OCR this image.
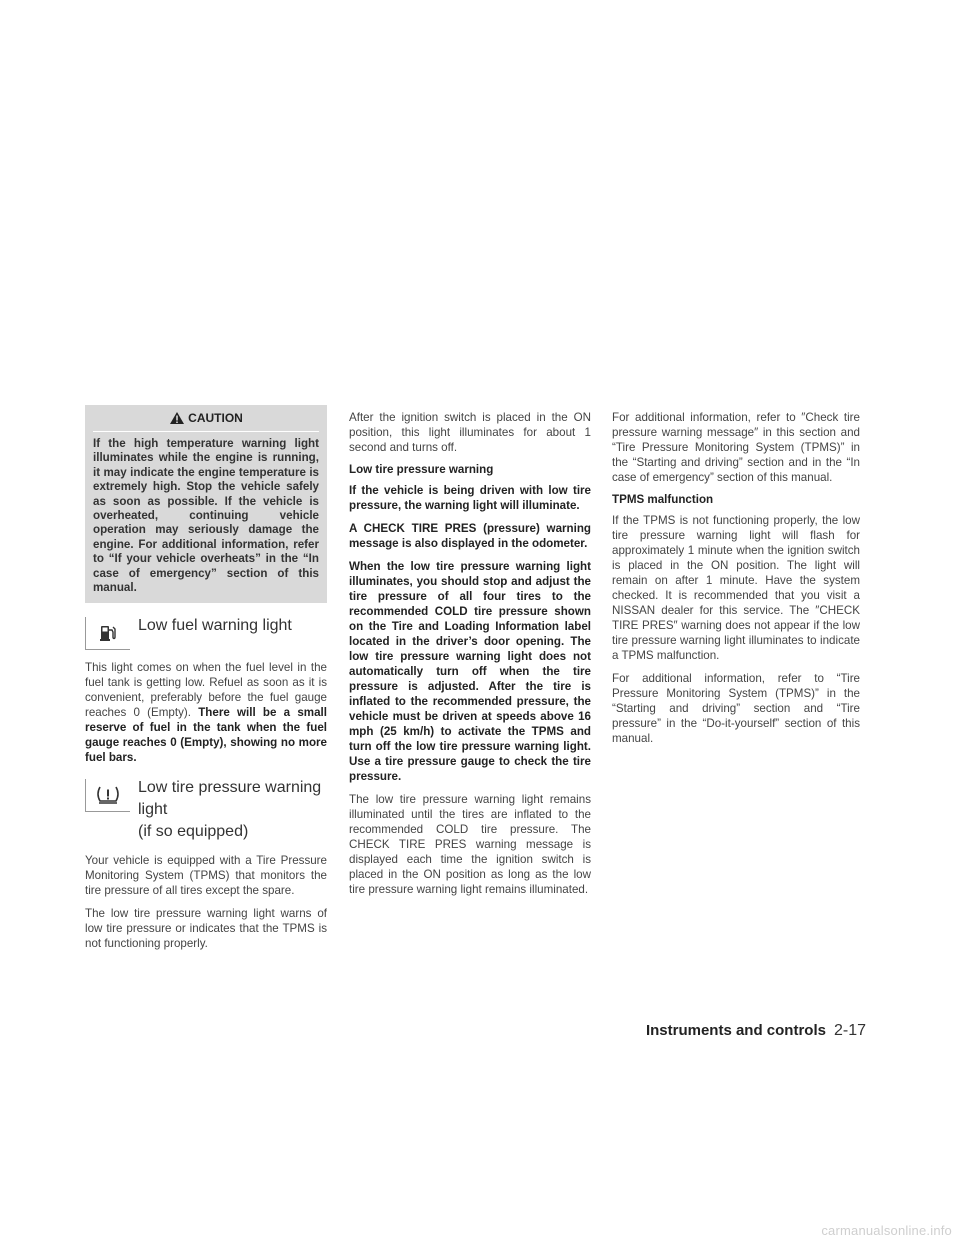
CAUTION

If the high temperature warning light illuminates while the engine is running, it may indicate the engine temperature is extremely high. Stop the vehicle safely as soon as possible. If the vehicle is overheated, continuing vehicle operation may seriously damage the engine. For additional information, refer to “If your vehicle overheats” in the “In case of emergency” section of this manual.

Low fuel warning light

This light comes on when the fuel level in the fuel tank is getting low. Refuel as soon as it is convenient, preferably before the fuel gauge reaches 0 (Empty). There will be a small reserve of fuel in the tank when the fuel gauge reaches 0 (Empty), showing no more fuel bars.

Low tire pressure warning light
(if so equipped)

Your vehicle is equipped with a Tire Pressure Monitoring System (TPMS) that monitors the tire pressure of all tires except the spare.

The low tire pressure warning light warns of low tire pressure or indicates that the TPMS is not functioning properly.

After the ignition switch is placed in the ON position, this light illuminates for about 1 second and turns off.

Low tire pressure warning

If the vehicle is being driven with low tire pressure, the warning light will illuminate.

A CHECK TIRE PRES (pressure) warning message is also displayed in the odometer.

When the low tire pressure warning light illuminates, you should stop and adjust the tire pressure of all four tires to the recommended COLD tire pressure shown on the Tire and Loading Information label located in the driver’s door opening. The low tire pressure warning light does not automatically turn off when the tire pressure is adjusted. After the tire is inflated to the recommended pressure, the vehicle must be driven at speeds above 16 mph (25 km/h) to activate the TPMS and turn off the low tire pressure warning light. Use a tire pressure gauge to check the tire pressure.

The low tire pressure warning light remains illuminated until the tires are inflated to the recommended COLD tire pressure. The CHECK TIRE PRES warning message is displayed each time the ignition switch is placed in the ON position as long as the low tire pressure warning light remains illuminated.

For additional information, refer to ″Check tire pressure warning message″ in this section and “Tire Pressure Monitoring System (TPMS)” in the “Starting and driving” section and in the “In case of emergency” section of this manual.

TPMS malfunction

If the TPMS is not functioning properly, the low tire pressure warning light will flash for approximately 1 minute when the ignition switch is placed in the ON position. The light will remain on after 1 minute. Have the system checked. It is recommended that you visit a NISSAN dealer for this service. The ″CHECK TIRE PRES″ warning does not appear if the low tire pressure warning light illuminates to indicate a TPMS malfunction.

For additional information, refer to “Tire Pressure Monitoring System (TPMS)” in the “Starting and driving” section and “Tire pressure” in the “Do-it-yourself” section of this manual.

Instruments and controls 2-17
carmanualsonline.info
